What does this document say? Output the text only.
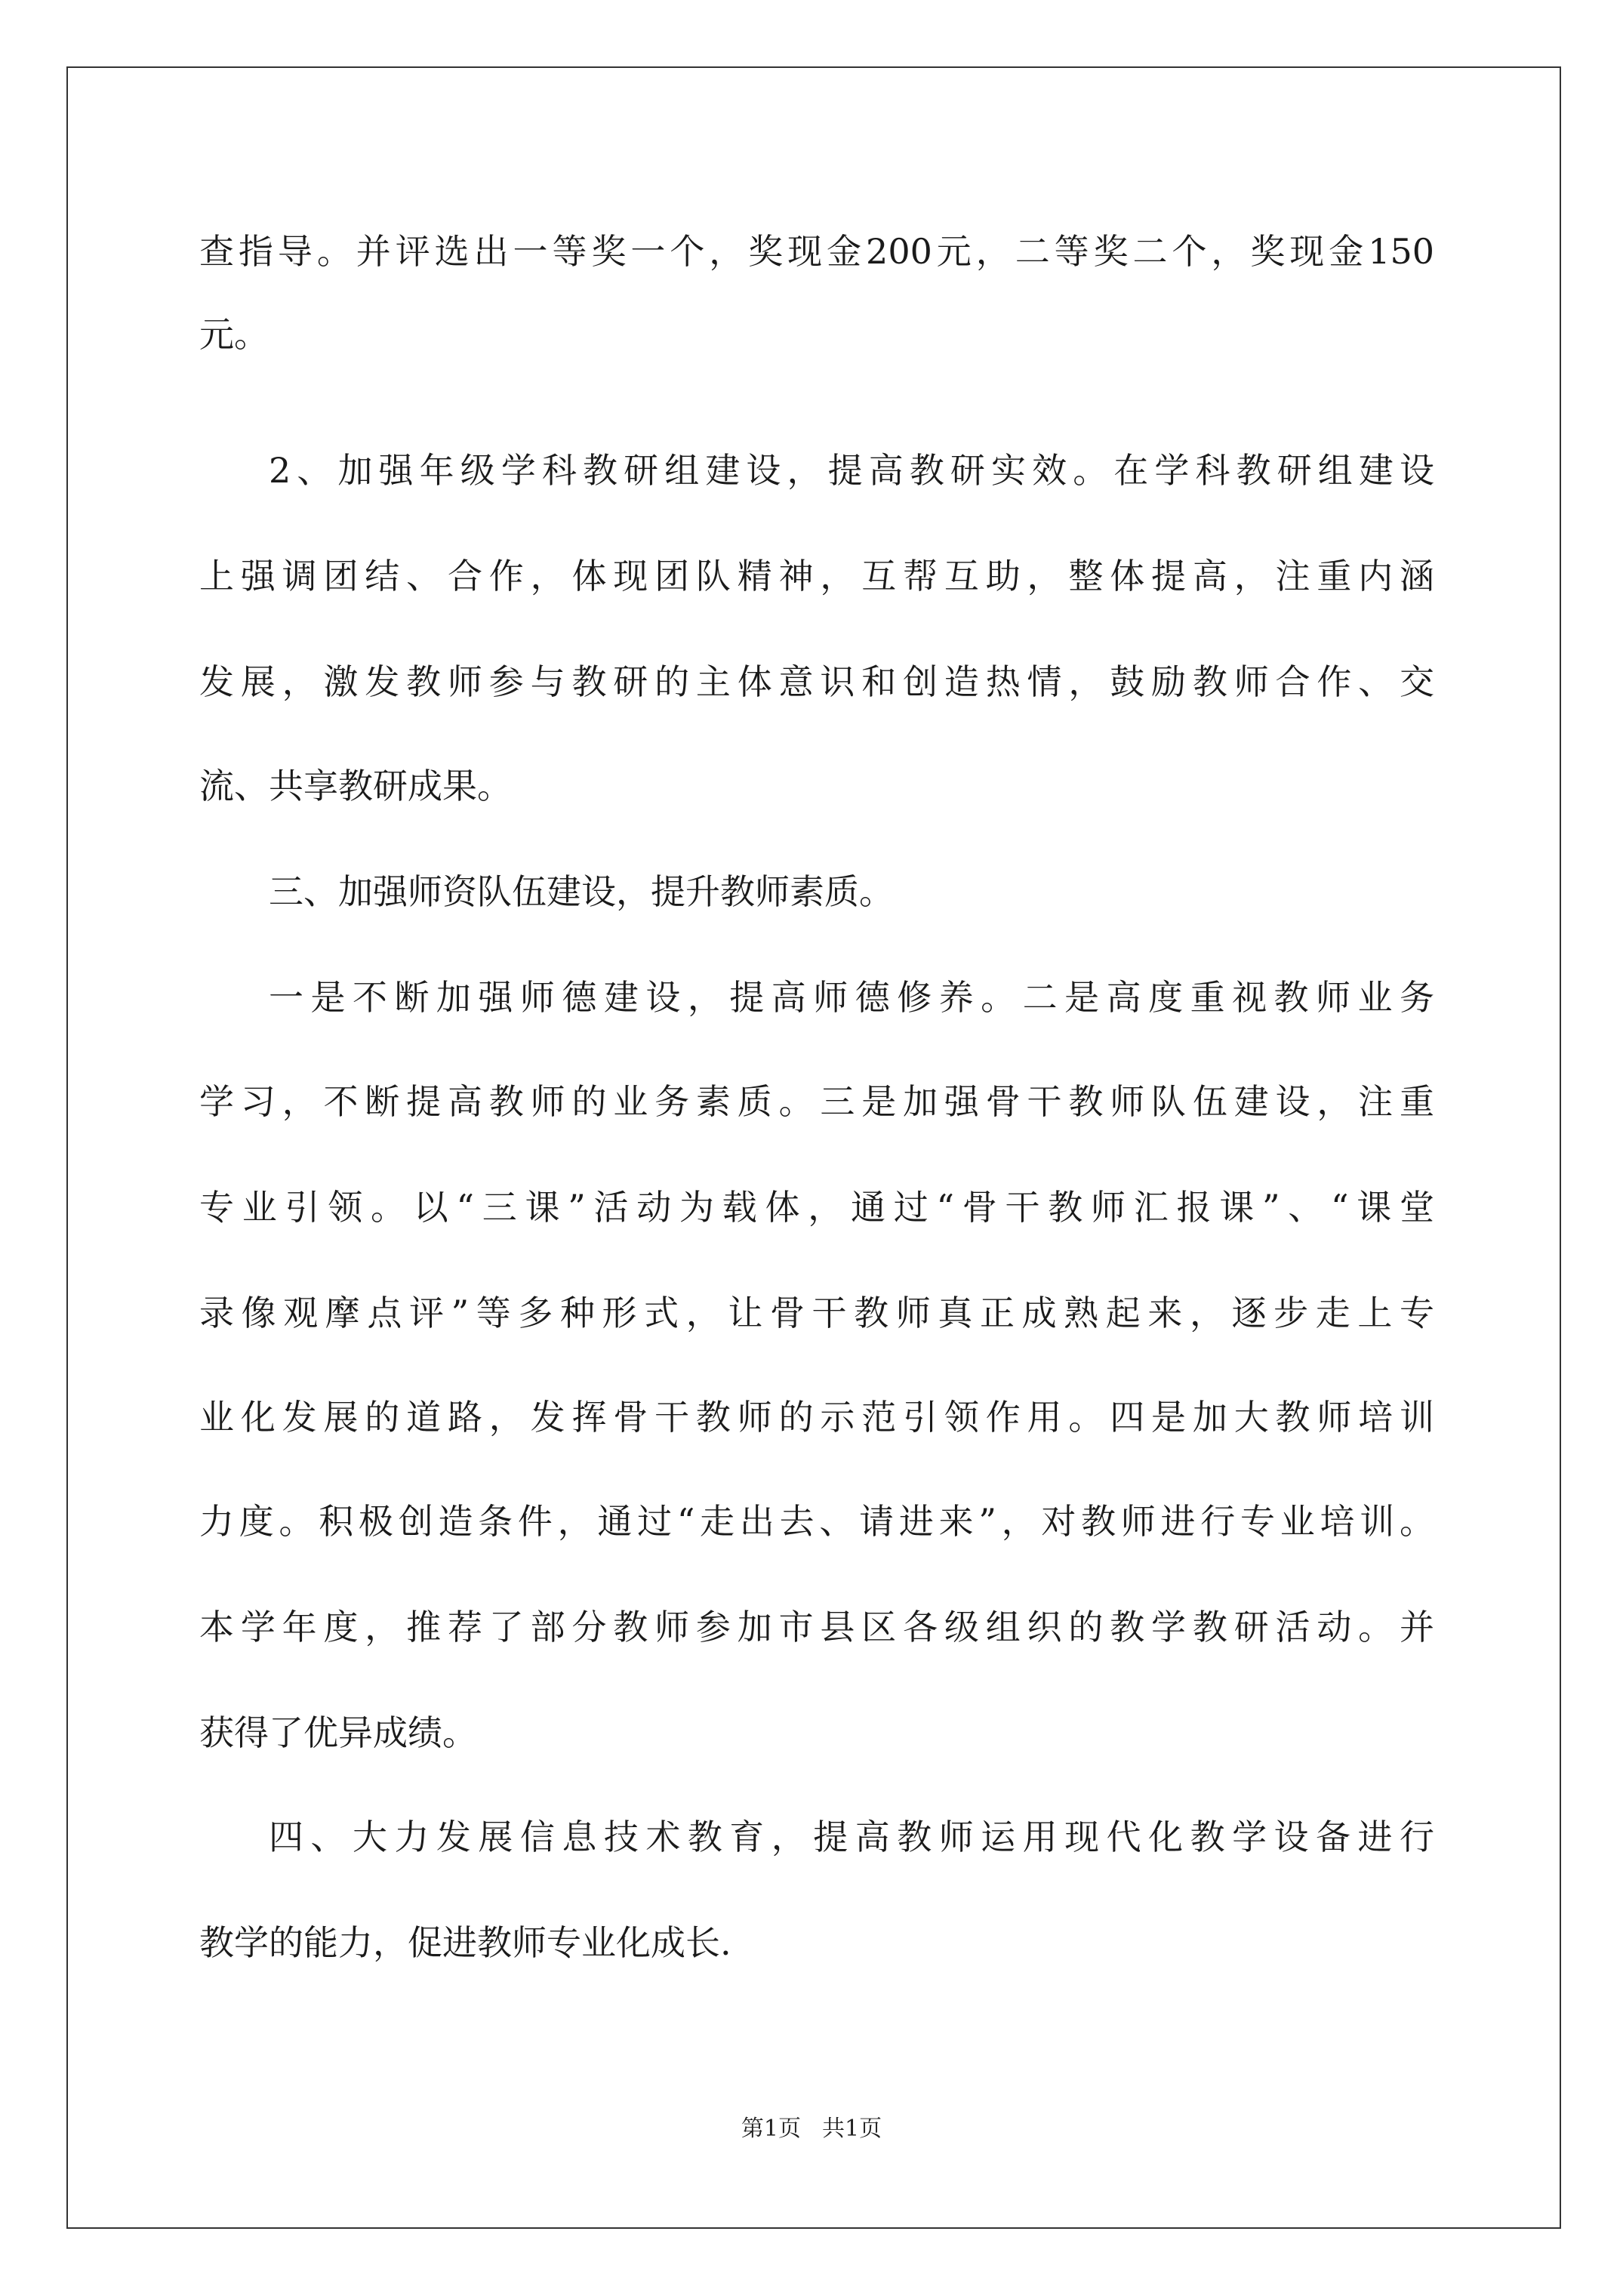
查指导。并评选出一等奖一个，奖现金200元，二等奖二个，奖现金150
元。
2、加强年级学科教研组建设，提高教研实效。在学科教研组建设
上强调团结、合作，体现团队精神，互帮互助，整体提高，注重内涵
发展，激发教师参与教研的主体意识和创造热情，鼓励教师合作、交
流、共享教研成果。
三、加强师资队伍建设，提升教师素质。
一是不断加强师德建设，提高师德修养。二是高度重视教师业务
学习，不断提高教师的业务素质。三是加强骨干教师队伍建设，注重
专业引领。以“三课”活动为载体，通过“骨干教师汇报课”、“课堂
录像观摩点评”等多种形式，让骨干教师真正成熟起来，逐步走上专
业化发展的道路，发挥骨干教师的示范引领作用。四是加大教师培训
力度。积极创造条件，通过“走出去、请进来”，对教师进行专业培训。
本学年度，推荐了部分教师参加市县区各级组织的教学教研活动。并
获得了优异成绩。
四、大力发展信息技术教育，提高教师运用现代化教学设备进行
教学的能力，促进教师专业化成长.
第1页 共1页
